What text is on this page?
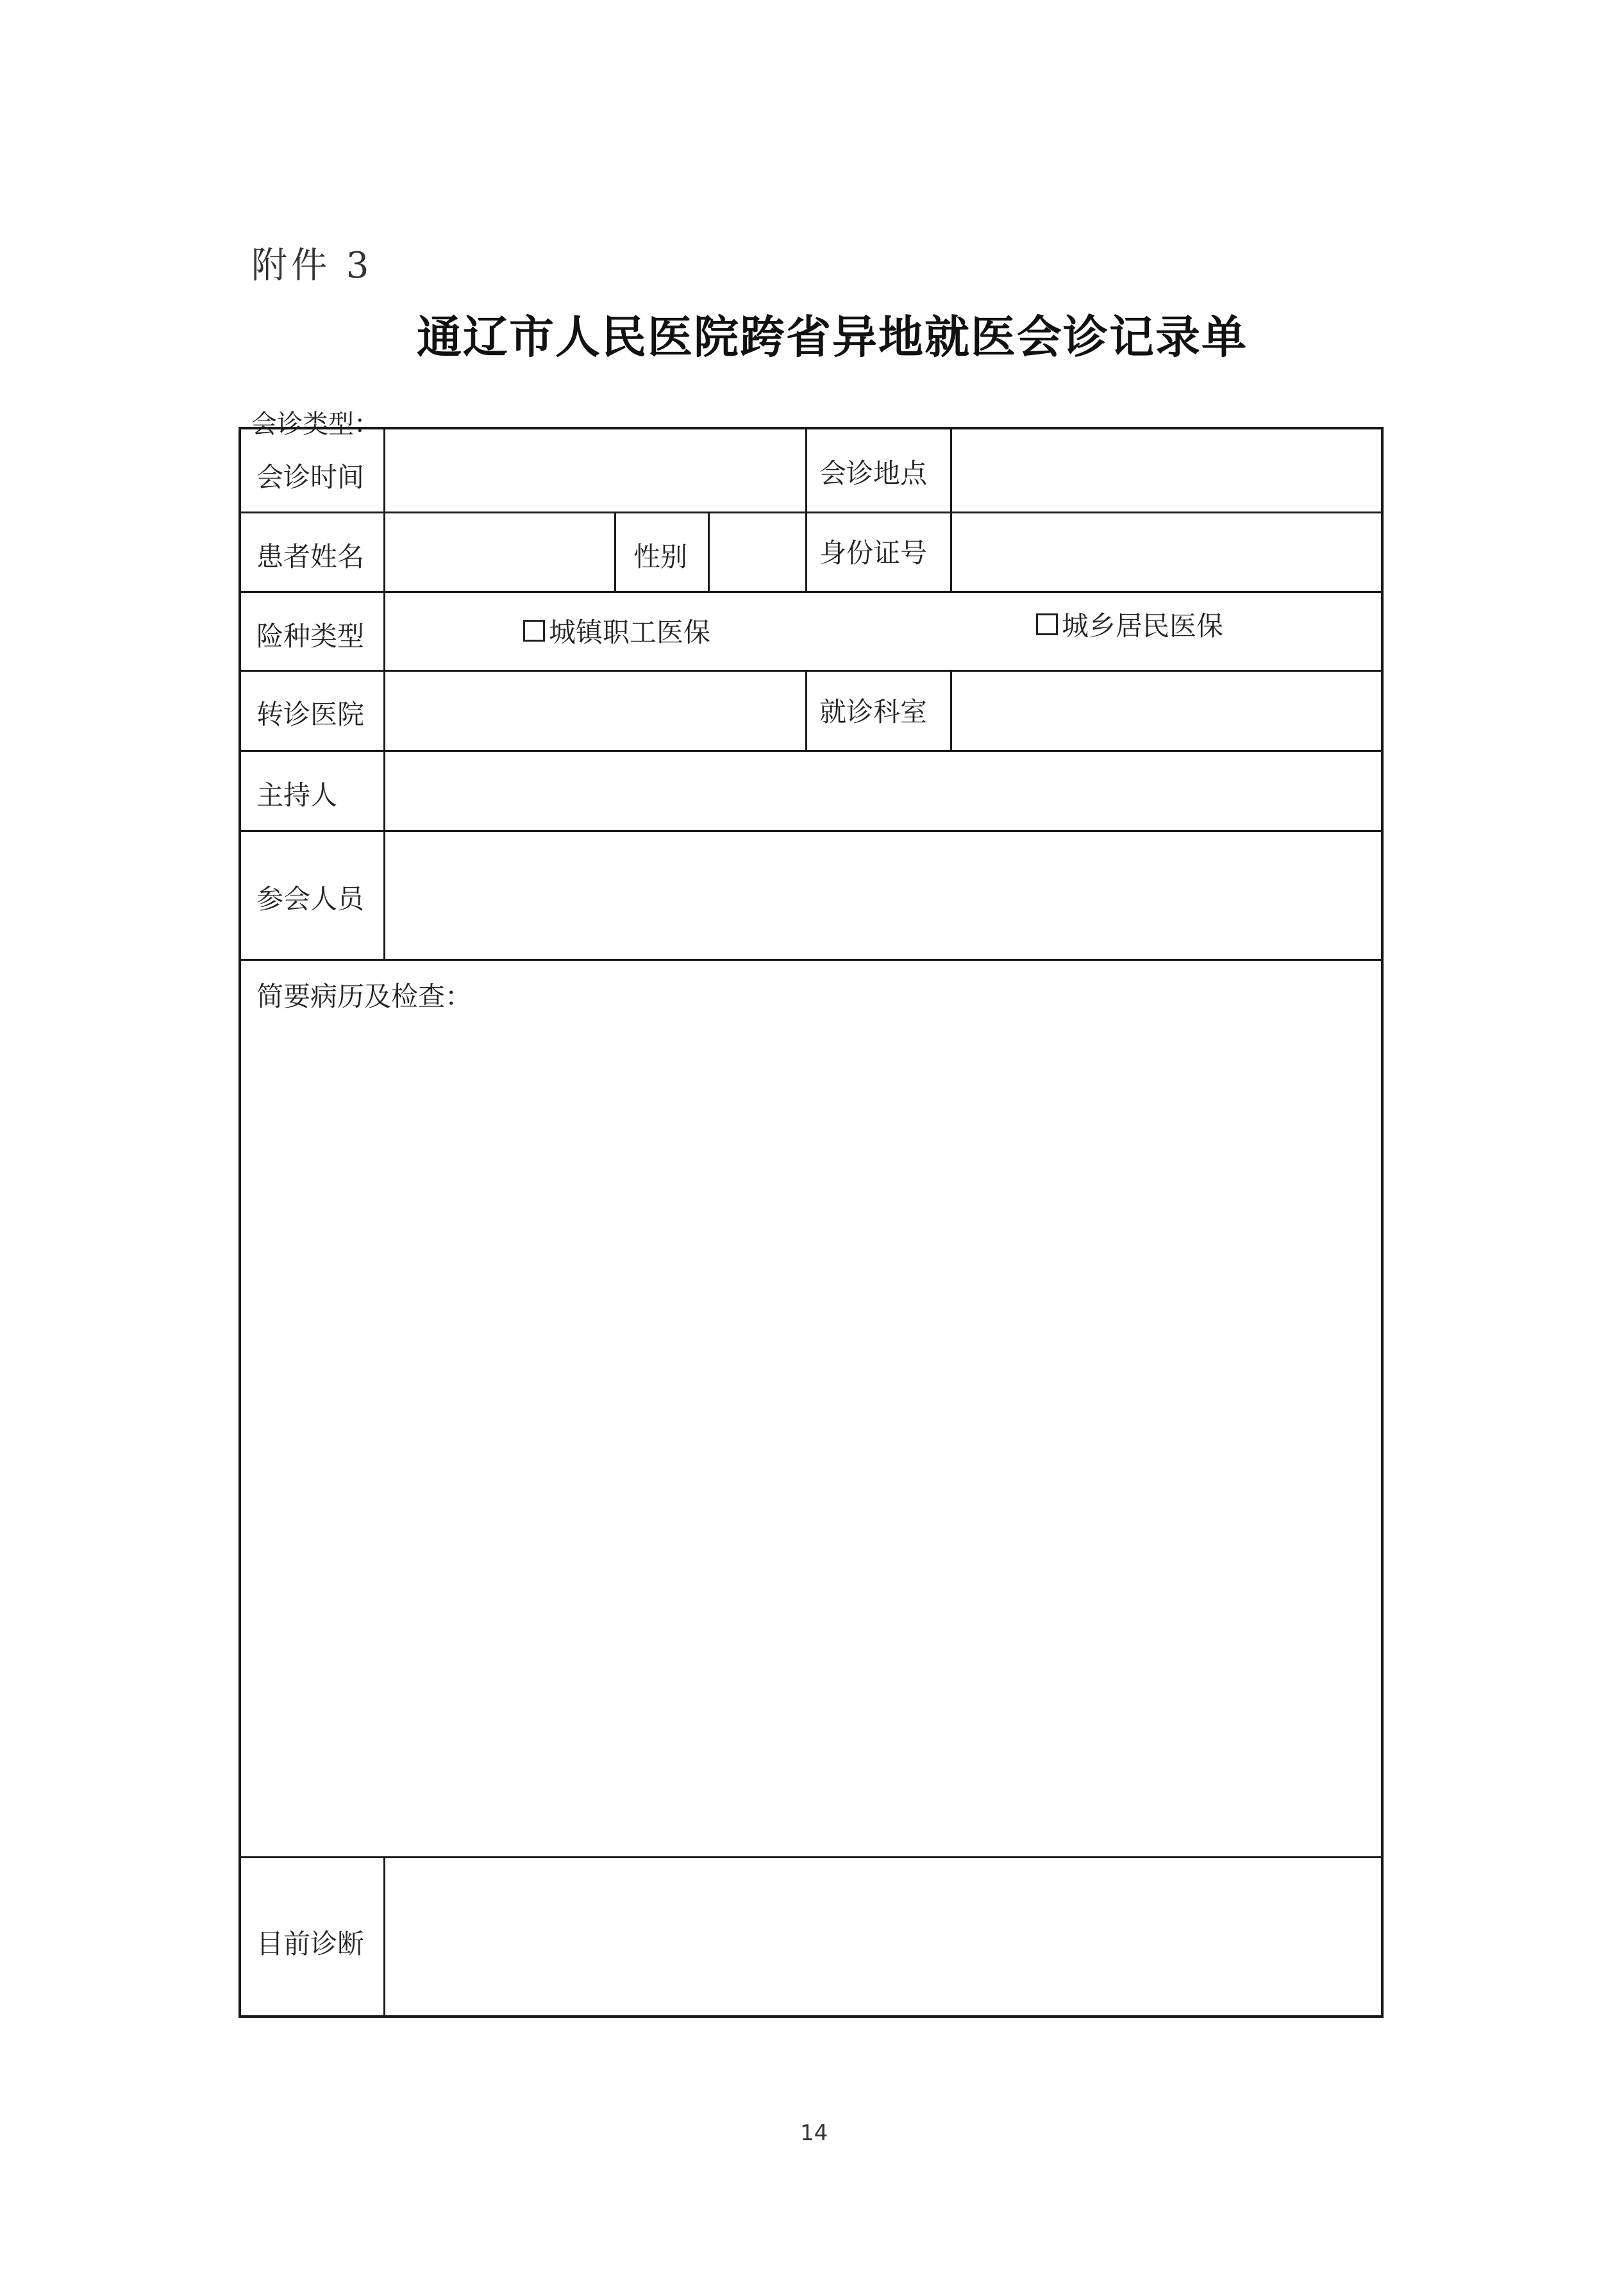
附件 3
通辽市人民医院跨省异地就医会诊记录单
会诊类型：
会诊时间	会诊地点
患者姓名	性别	身份证号
险种类型	城镇职工医保	城乡居民医保
转诊医院	就诊科室
主持人
参会人员
简要病历及检查：
目前诊断
14
